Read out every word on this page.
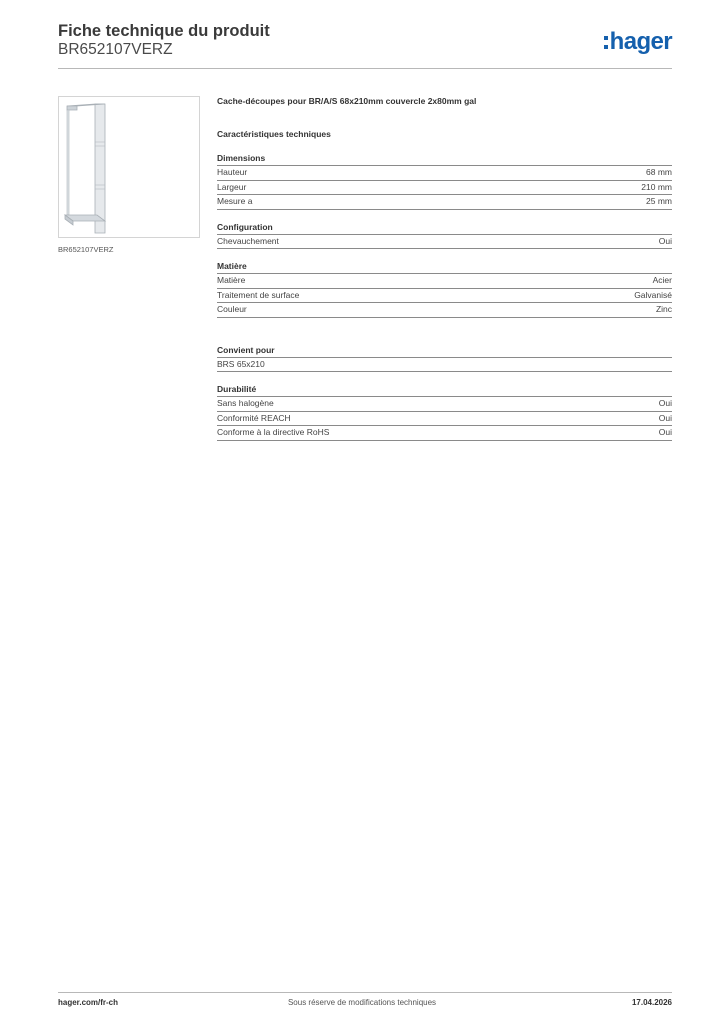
Fiche technique du produit
BR652107VERZ	hager
BR652107VERZ
Cache-découpes pour BR/A/S 68x210mm couvercle 2x80mm gal
Caractéristiques techniques
Dimensions
Hauteur	68 mm
Largeur	210 mm
Mesure a	25 mm
Configuration
Chevauchement	Oui
Matière
Matière	Acier
Traitement de surface	Galvanisé
Couleur	Zinc
Convient pour
BRS 65x210
Durabilité
Sans halogène	Oui
Conformité REACH	Oui
Conforme à la directive RoHS	Oui
hager.com/fr-ch	Sous réserve de modifications techniques	17.04.2026
